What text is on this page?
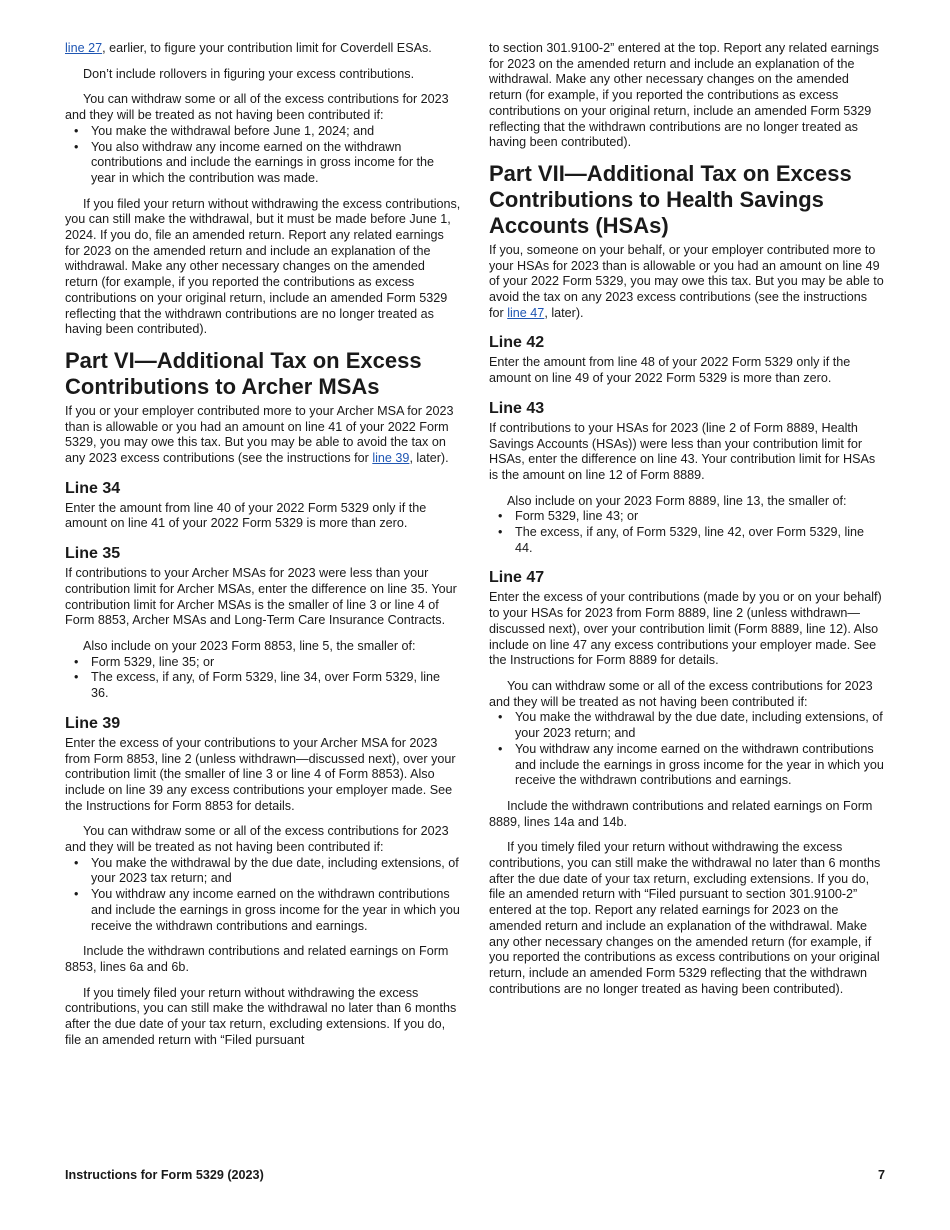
line 27, earlier, to figure your contribution limit for Coverdell ESAs.

Don’t include rollovers in figuring your excess contributions.

You can withdraw some or all of the excess contributions for 2023 and they will be treated as not having been contributed if:

• You make the withdrawal before June 1, 2024; and
• You also withdraw any income earned on the withdrawn contributions and include the earnings in gross income for the year in which the contribution was made.

If you filed your return without withdrawing the excess contributions, you can still make the withdrawal, but it must be made before June 1, 2024. If you do, file an amended return. Report any related earnings for 2023 on the amended return and include an explanation of the withdrawal. Make any other necessary changes on the amended return (for example, if you reported the contributions as excess contributions on your original return, include an amended Form 5329 reflecting that the withdrawn contributions are no longer treated as having been contributed).

Part VI—Additional Tax on Excess Contributions to Archer MSAs

If you or your employer contributed more to your Archer MSA for 2023 than is allowable or you had an amount on line 41 of your 2022 Form 5329, you may owe this tax. But you may be able to avoid the tax on any 2023 excess contributions (see the instructions for line 39, later).

Line 34

Enter the amount from line 40 of your 2022 Form 5329 only if the amount on line 41 of your 2022 Form 5329 is more than zero.

Line 35

If contributions to your Archer MSAs for 2023 were less than your contribution limit for Archer MSAs, enter the difference on line 35. Your contribution limit for Archer MSAs is the smaller of line 3 or line 4 of Form 8853, Archer MSAs and Long-Term Care Insurance Contracts.

Also include on your 2023 Form 8853, line 5, the smaller of:

• Form 5329, line 35; or
• The excess, if any, of Form 5329, line 34, over Form 5329, line 36.
Line 39

Enter the excess of your contributions to your Archer MSA for 2023 from Form 8853, line 2 (unless withdrawn—discussed next), over your contribution limit (the smaller of line 3 or line 4 of Form 8853). Also include on line 39 any excess contributions your employer made. See the Instructions for Form 8853 for details.

You can withdraw some or all of the excess contributions for 2023 and they will be treated as not having been contributed if:

• You make the withdrawal by the due date, including extensions, of your 2023 tax return; and
• You withdraw any income earned on the withdrawn contributions and include the earnings in gross income for the year in which you receive the withdrawn contributions and earnings.

Include the withdrawn contributions and related earnings on Form 8853, lines 6a and 6b.

If you timely filed your return without withdrawing the excess contributions, you can still make the withdrawal no later than 6 months after the due date of your tax return, excluding extensions. If you do, file an amended return with “Filed pursuant

to section 301.9100-2” entered at the top. Report any related earnings for 2023 on the amended return and include an explanation of the withdrawal. Make any other necessary changes on the amended return (for example, if you reported the contributions as excess contributions on your original return, include an amended Form 5329 reflecting that the withdrawn contributions are no longer treated as having been contributed).

Part VII—Additional Tax on Excess Contributions to Health Savings Accounts (HSAs)

If you, someone on your behalf, or your employer contributed more to your HSAs for 2023 than is allowable or you had an amount on line 49 of your 2022 Form 5329, you may owe this tax. But you may be able to avoid the tax on any 2023 excess contributions (see the instructions for line 47, later).

Line 42

Enter the amount from line 48 of your 2022 Form 5329 only if the amount on line 49 of your 2022 Form 5329 is more than zero.

Line 43

If contributions to your HSAs for 2023 (line 2 of Form 8889, Health Savings Accounts (HSAs)) were less than your contribution limit for HSAs, enter the difference on line 43. Your contribution limit for HSAs is the amount on line 12 of Form 8889.

Also include on your 2023 Form 8889, line 13, the smaller of:

• Form 5329, line 43; or
• The excess, if any, of Form 5329, line 42, over Form 5329, line 44.
Line 47

Enter the excess of your contributions (made by you or on your behalf) to your HSAs for 2023 from Form 8889, line 2 (unless withdrawn—discussed next), over your contribution limit (Form 8889, line 12). Also include on line 47 any excess contributions your employer made. See the Instructions for Form 8889 for details.

You can withdraw some or all of the excess contributions for 2023 and they will be treated as not having been contributed if:

• You make the withdrawal by the due date, including extensions, of your 2023 return; and
• You withdraw any income earned on the withdrawn contributions and include the earnings in gross income for the year in which you receive the withdrawn contributions and earnings.

Include the withdrawn contributions and related earnings on Form 8889, lines 14a and 14b.

If you timely filed your return without withdrawing the excess contributions, you can still make the withdrawal no later than 6 months after the due date of your tax return, excluding extensions. If you do, file an amended return with “Filed pursuant to section 301.9100-2” entered at the top. Report any related earnings for 2023 on the amended return and include an explanation of the withdrawal. Make any other necessary changes on the amended return (for example, if you reported the contributions as excess contributions on your original return, include an amended Form 5329 reflecting that the withdrawn contributions are no longer treated as having been contributed).

Instructions for Form 5329 (2023)	7
